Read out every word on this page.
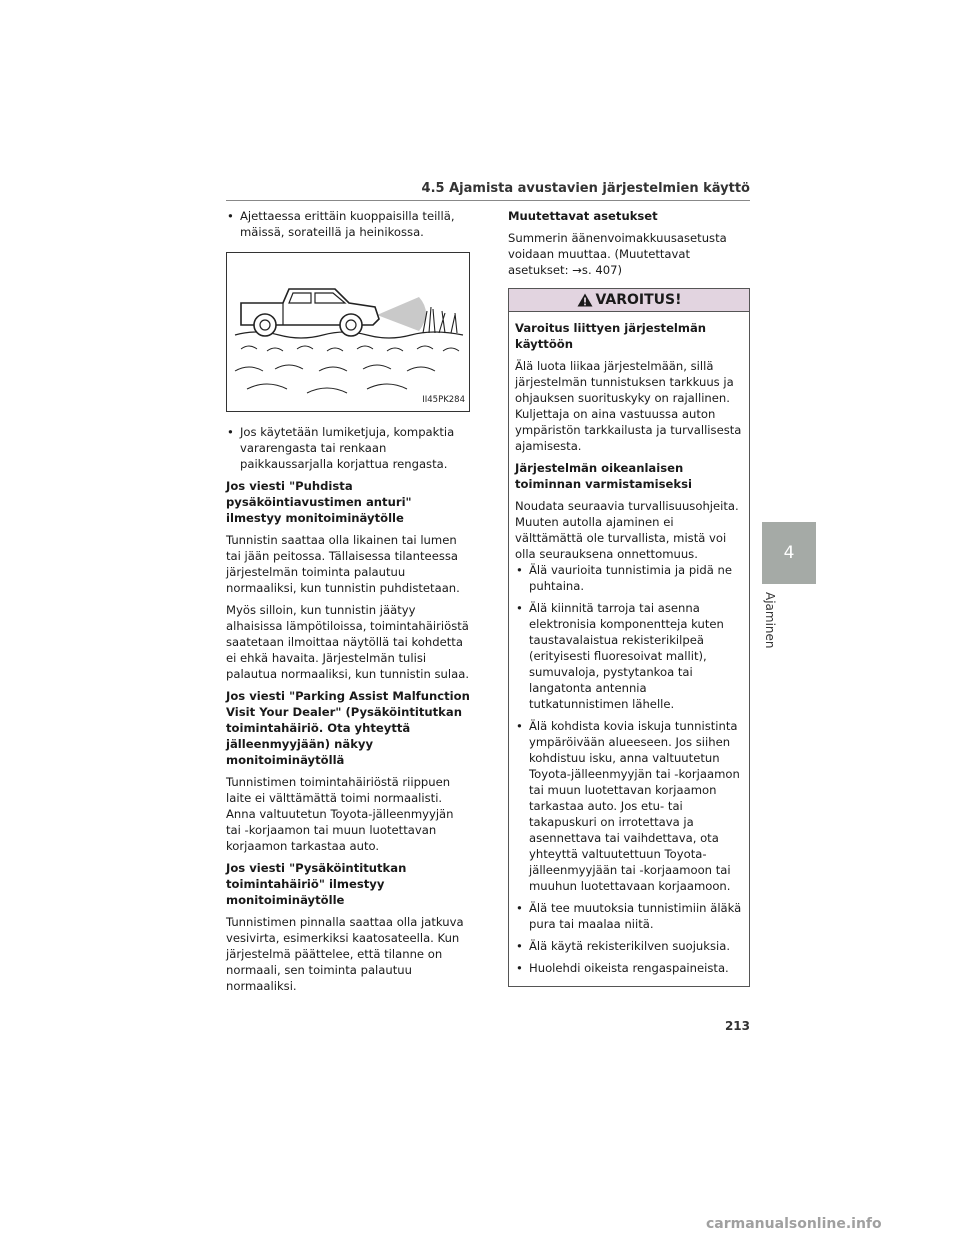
4.5 Ajamista avustavien järjestelmien käyttö
• Ajettaessa erittäin kuoppaisilla teillä, mäissä, sorateillä ja heinikossa.
II45PK284
• Jos käytetään lumiketjuja, kompaktia vararengasta tai renkaan paikkaussarjalla korjattua rengasta.
Jos viesti "Puhdista pysäköintiavustimen anturi" ilmestyy monitoiminäytölle

Tunnistin saattaa olla likainen tai lumen tai jään peitossa. Tällaisessa tilanteessa järjestelmän toiminta palautuu normaaliksi, kun tunnistin puhdistetaan.

Myös silloin, kun tunnistin jäätyy alhaisissa lämpötiloissa, toimintahäiriöstä saatetaan ilmoittaa näytöllä tai kohdetta ei ehkä havaita. Järjestelmän tulisi palautua normaaliksi, kun tunnistin sulaa.

Jos viesti "Parking Assist Malfunction Visit Your Dealer" (Pysäköintitutkan toimintahäiriö. Ota yhteyttä jälleenmyyjään) näkyy monitoiminäytöllä

Tunnistimen toimintahäiriöstä riippuen laite ei välttämättä toimi normaalisti. Anna valtuutetun Toyota-jälleenmyyjän tai -korjaamon tai muun luotettavan korjaamon tarkastaa auto.

Jos viesti "Pysäköintitutkan toimintahäiriö" ilmestyy monitoiminäytölle

Tunnistimen pinnalla saattaa olla jatkuva vesivirta, esimerkiksi kaatosateella. Kun järjestelmä päättelee, että tilanne on normaali, sen toiminta palautuu normaaliksi.

Muutettavat asetukset

Summerin äänenvoimakkuusasetusta voidaan muuttaa. (Muutettavat asetukset: →s. 407)

VAROITUS!
Varoitus liittyen järjestelmän käyttöön

Älä luota liikaa järjestelmään, sillä järjestelmän tunnistuksen tarkkuus ja ohjauksen suorituskyky on rajallinen. Kuljettaja on aina vastuussa auton ympäristön tarkkailusta ja turvallisesta ajamisesta.

Järjestelmän oikeanlaisen toiminnan varmistamiseksi

Noudata seuraavia turvallisuusohjeita. Muuten autolla ajaminen ei välttämättä ole turvallista, mistä voi olla seurauksena onnettomuus.

• Älä vaurioita tunnistimia ja pidä ne puhtaina.
• Älä kiinnitä tarroja tai asenna elektronisia komponentteja kuten taustavalaistua rekisterikilpeä (erityisesti fluoresoivat mallit), sumuvaloja, pystytankoa tai langatonta antennia tutkatunnistimen lähelle.
• Älä kohdista kovia iskuja tunnistinta ympäröivään alueeseen. Jos siihen kohdistuu isku, anna valtuutetun Toyota-jälleenmyyjän tai -korjaamon tai muun luotettavan korjaamon tarkastaa auto. Jos etu- tai takapuskuri on irrotettava ja asennettava tai vaihdettava, ota yhteyttä valtuutettuun Toyota-jälleenmyyjään tai -korjaamoon tai muuhun luotettavaan korjaamoon.
• Älä tee muutoksia tunnistimiin äläkä pura tai maalaa niitä.
• Älä käytä rekisterikilven suojuksia.
• Huolehdi oikeista rengaspaineista.
4
Ajaminen
213
carmanualsonline.info
